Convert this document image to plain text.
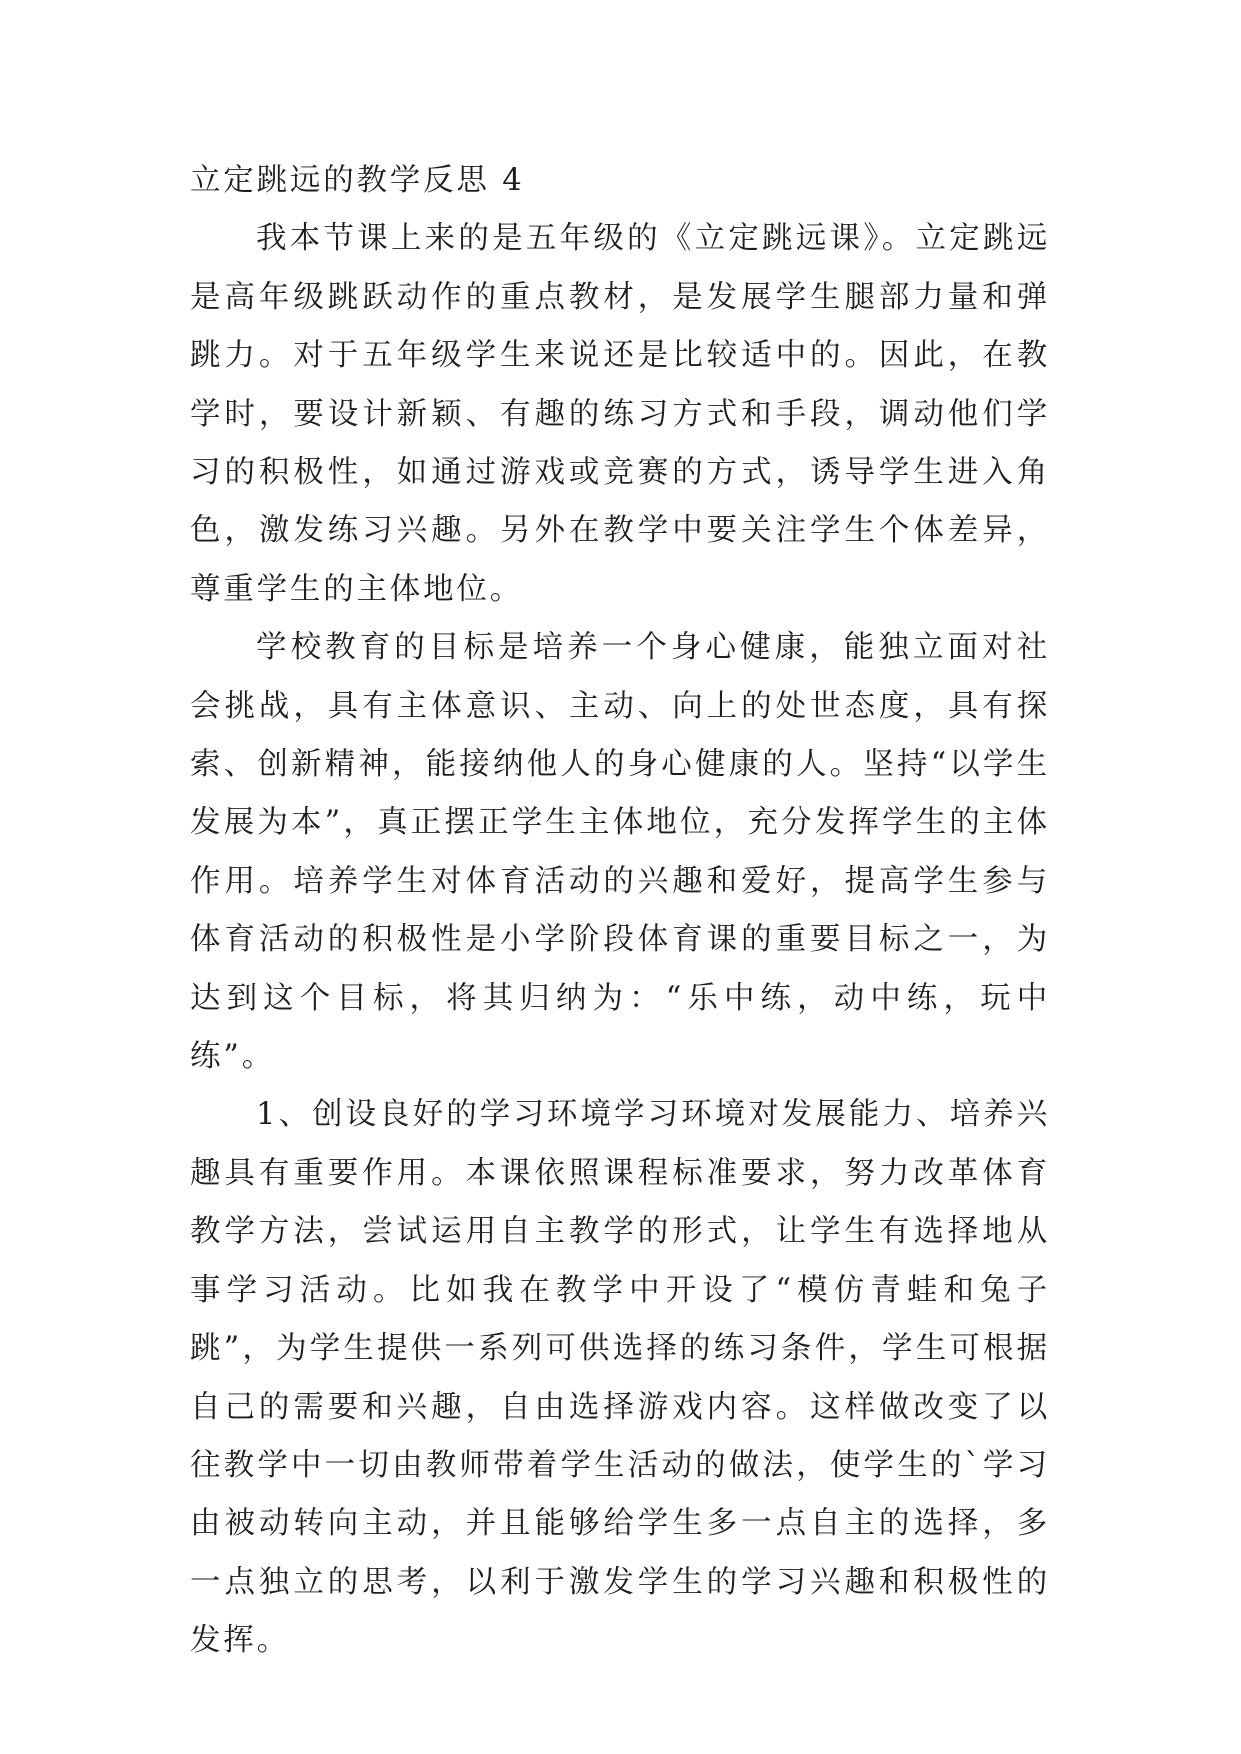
立定跳远的教学反思 4

我本节课上来的是五年级的《立定跳远课》。立定跳远是高年级跳跃动作的重点教材，是发展学生腿部力量和弹跳力。对于五年级学生来说还是比较适中的。因此，在教学时，要设计新颖、有趣的练习方式和手段，调动他们学习的积极性，如通过游戏或竞赛的方式，诱导学生进入角色，激发练习兴趣。另外在教学中要关注学生个体差异，尊重学生的主体地位。

学校教育的目标是培养一个身心健康，能独立面对社会挑战，具有主体意识、主动、向上的处世态度，具有探索、创新精神，能接纳他人的身心健康的人。坚持“以学生发展为本”，真正摆正学生主体地位，充分发挥学生的主体作用。培养学生对体育活动的兴趣和爱好，提高学生参与体育活动的积极性是小学阶段体育课的重要目标之一，为达到这个目标，将其归纳为：“乐中练，动中练，玩中练”。

1、创设良好的学习环境学习环境对发展能力、培养兴趣具有重要作用。本课依照课程标准要求，努力改革体育教学方法，尝试运用自主教学的形式，让学生有选择地从事学习活动。比如我在教学中开设了“模仿青蛙和兔子跳”，为学生提供一系列可供选择的练习条件，学生可根据自己的需要和兴趣，自由选择游戏内容。这样做改变了以往教学中一切由教师带着学生活动的做法，使学生的`学习由被动转向主动，并且能够给学生多一点自主的选择，多一点独立的思考，以利于激发学生的学习兴趣和积极性的发挥。
